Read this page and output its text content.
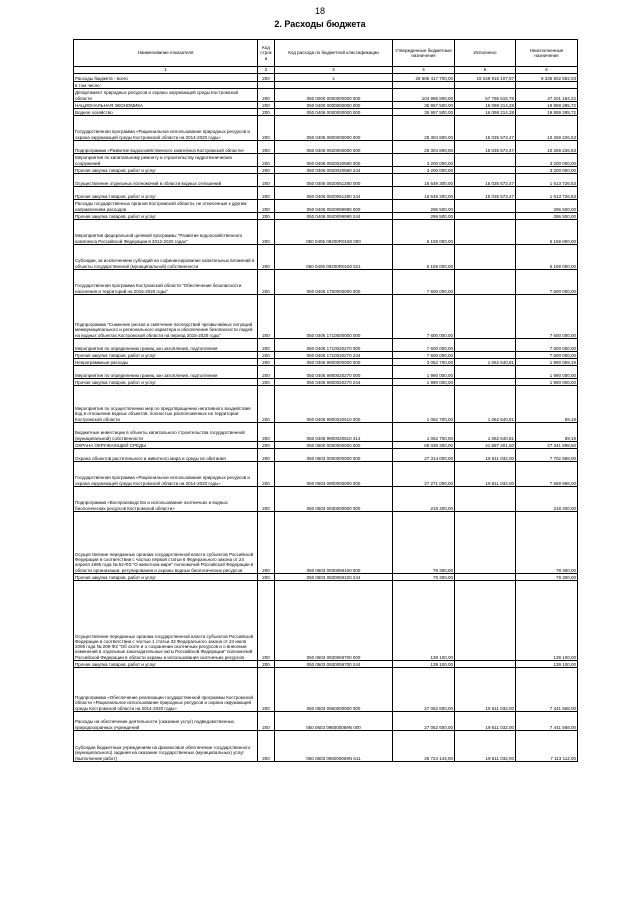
18
2. Расходы бюджета
Наименование показателя	Код строк и	Код расхода по бюджетной классификации	Утвержденные бюджетные назначения	Исполнено	Неисполненные назначения
1	2	3	4	5	6
Расходы бюджета - всего	200	x	28 585 417 700,00	19 249 915 107,97	9 335 502 592,03
в том числе:					
Департамент природных ресурсов и охраны окружающей среды Костромской области	200	050 0000 0000000000 000	104 996 800,00	57 795 615,78	47 201 184,22
НАЦИОНАЛЬНАЯ ЭКОНОМИКА	200	050 0400 0000000000 000	35 957 500,00	16 098 214,28	19 859 285,72
Водное хозяйство	200	050 0406 0000000000 000	35 957 500,00	16 098 214,28	19 859 285,72
Государственная программа «Рациональное использование природных ресурсов и охрана окружающей среды Костромской области на 2014-2020 годы»	200	050 0406 0900000000 000	25 304 800,00	15 035 573,47	10 269 226,53
Подпрограмма «Развитие водохозяйственного комплекса Костромской области»	200	050 0406 0920000000 000	25 304 800,00	15 035 573,47	10 269 226,53
Мероприятия по капитальному ремонту и строительству гидротехнических сооружений	200	050 0406 0920020580 000	3 200 000,00		3 200 000,00
Прочая закупка товаров, работ и услуг	200	050 0406 0920020580 244	3 200 000,00		3 200 000,00
Осуществление отдельных полномочий в области водных отношений	200	050 0406 0920051280 000	16 649 300,00	15 035 573,47	1 613 726,53
Прочая закупка товаров, работ и услуг	200	050 0406 0920051280 244	16 649 300,00	15 035 573,47	1 613 726,53
Расходы государственных органов Костромской области, не отнесенные к другим направлениям расходов	200	050 0406 0920099990 000	296 500,00		296 500,00
Прочая закупка товаров, работ и услуг	200	050 0406 0920099990 244	296 500,00		296 500,00
Мероприятия федеральной целевой программы "Развитие водохозяйственного комплекса Российской Федерации в 2012-2020 годах"	200	050 0406 09200R0160 000	5 159 000,00		5 159 000,00
Субсидии, за исключением субсидий на софинансирование капитальных вложений в объекты государственной (муниципальной) собственности	200	050 0406 09200R0160 521	5 159 000,00		5 159 000,00
Государственная программа Костромской области "Обеспечение безопасности населения и территорий на 2015-2020 годы"	200	050 0406 1700000000 000	7 600 000,00		7 600 000,00
Подпрограмма "Снижение рисков и смягчение последствий чрезвычайных ситуаций межмуниципального и регионального характера и обеспечение безопасности людей на водных объектах Костромской области на период 2015-2020 годы"	200	050 0406 1710000000 000	7 600 000,00		7 600 000,00
Мероприятия по определению границ зон затопления, подтопления	200	050 0406 1710020270 000	7 600 000,00		7 600 000,00
Прочая закупка товаров, работ и услуг	200	050 0406 1710020270 244	7 600 000,00		7 600 000,00
Непрограммные расходы	200	050 0406 9900000000 000	3 052 700,00	1 062 640,81	1 990 059,19
Мероприятия по определению границ зон затопления, подтопления	200	050 0406 9900020270 000	1 990 000,00		1 990 000,00
Прочая закупка товаров, работ и услуг	200	050 0406 9900020270 244	1 990 000,00		1 990 000,00
Мероприятия по осуществлению мер по предотвращению негативного воздействия вод в отношении водных объектов, полностью расположенных на территории Костромской области	200	050 0406 9900020510 000	1 062 700,00	1 062 640,81	59,19
Бюджетные инвестиции в объекты капитального строительства государственной (муниципальной) собственности	200	050 0406 9900020510 414	1 062 700,00	1 062 640,81	59,19
ОХРАНА ОКРУЖАЮЩЕЙ СРЕДЫ	200	050 0600 0000000000 000	69 039 300,00	41 697 401,50	27 341 898,50
Охрана объектов растительного и животного мира и среды их обитания	200	050 0603 0000000000 000	27 314 000,00	19 611 032,00	7 702 968,00
Государственная программа «Рациональное использование природных ресурсов и охрана окружающей среды Костромской области на 2014-2020 годы»	200	050 0603 0900000000 000	27 271 000,00	19 611 032,00	7 659 968,00
Подпрограмма «Воспроизводство и использование охотничьих и водных биологических ресурсов Костромской области»	200	050 0603 0930000000 000	218 400,00		218 400,00
Осуществление переданных органам государственной власти субъектов Российской Федерации в соответствии с частью первой статьи 6 Федерального закона от 24 апреля 1995 года № 52-ФЗ "О животном мире" полномочий Российской Федерации в области организации, регулирования и охраны водных биологических ресурсов	200	050 0603 0930059100 000	79 300,00		79 300,00
Прочая закупка товаров, работ и услуг	200	050 0603 0930059100 244	79 300,00		79 300,00
Осуществление переданных органам государственной власти субъектов Российской Федерации в соответствии с частью 1 статьи 33 Федерального закона от 24 июля 2009 года № 209-ФЗ "Об охоте и о сохранении охотничьих ресурсов и о внесении изменений в отдельные законодательные акты Российской Федерации" полномочий Российской Федерации в области охраны и использования охотничьих ресурсов	200	050 0603 0930059700 000	139 100,00		139 100,00
Прочая закупка товаров, работ и услуг	200	050 0603 0930059700 244	139 100,00		139 100,00
Подпрограмма «Обеспечение реализации государственной программы Костромской области «Рациональное использование природных ресурсов и охрана окружающей среды Костромской области на 2014-2020 годы»	200	050 0603 0960000000 000	27 052 600,00	19 611 032,00	7 441 568,00
Расходы на обеспечение деятельности (оказание услуг) подведомственных природоохранных учреждений	200	050 0603 096000069N 000	27 052 600,00	19 611 032,00	7 441 568,00
Субсидии бюджетным учреждениям на финансовое обеспечение государственного (муниципального) задания на оказание государственных (муниципальных) услуг (выполнение работ)	200	050 0603 096000069N 611	26 724 144,00	19 611 032,00	7 113 112,00
